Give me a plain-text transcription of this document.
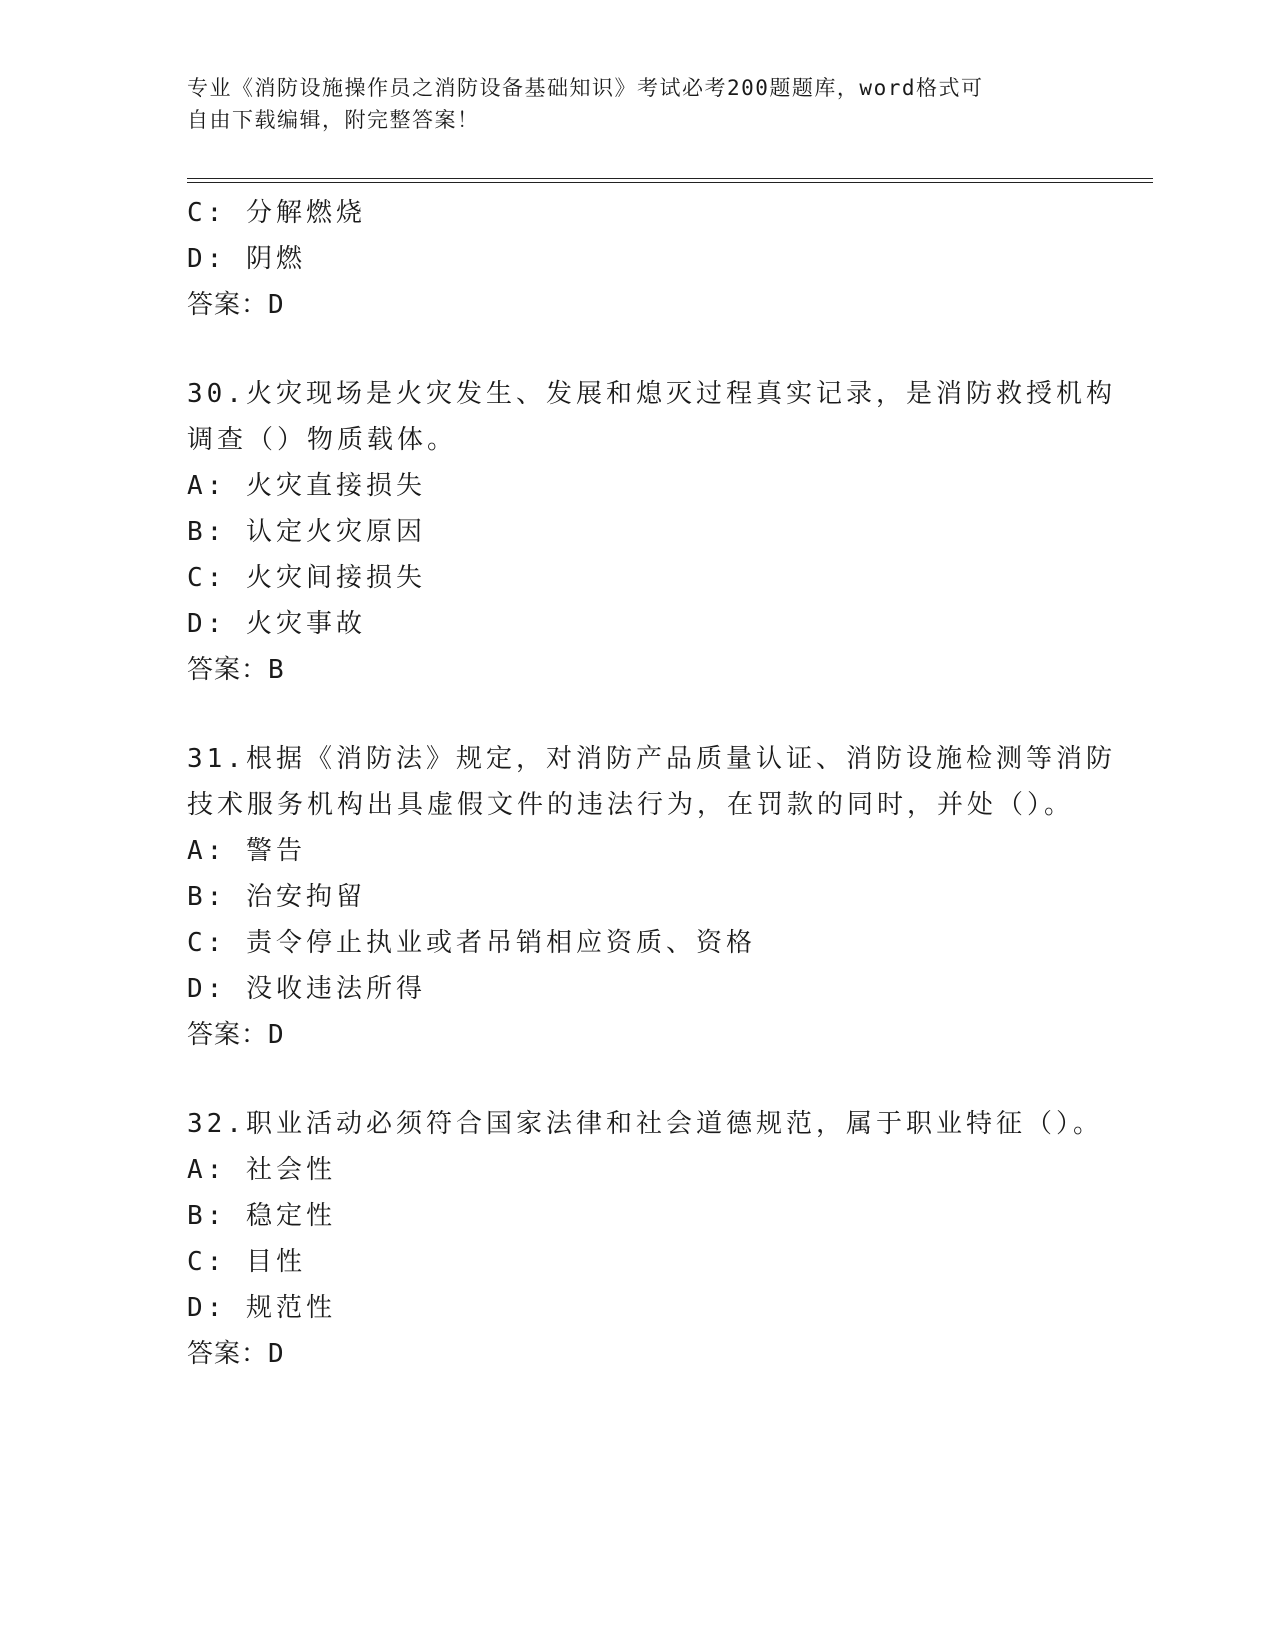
专业《消防设施操作员之消防设备基础知识》考试必考200题题库，word格式可
自由下载编辑，附完整答案！
C: 分解燃烧
D: 阴燃
答案：D
30.火灾现场是火灾发生、发展和熄灭过程真实记录，是消防救授机构
调查（）物质载体。
A: 火灾直接损失
B: 认定火灾原因
C: 火灾间接损失
D: 火灾事故
答案：B
31.根据《消防法》规定，对消防产品质量认证、消防设施检测等消防
技术服务机构出具虚假文件的违法行为，在罚款的同时，并处（）。
A: 警告
B: 治安拘留
C: 责令停止执业或者吊销相应资质、资格
D: 没收违法所得
答案：D
32.职业活动必须符合国家法律和社会道德规范，属于职业特征（）。
A: 社会性
B: 稳定性
C: 目性
D: 规范性
答案：D
